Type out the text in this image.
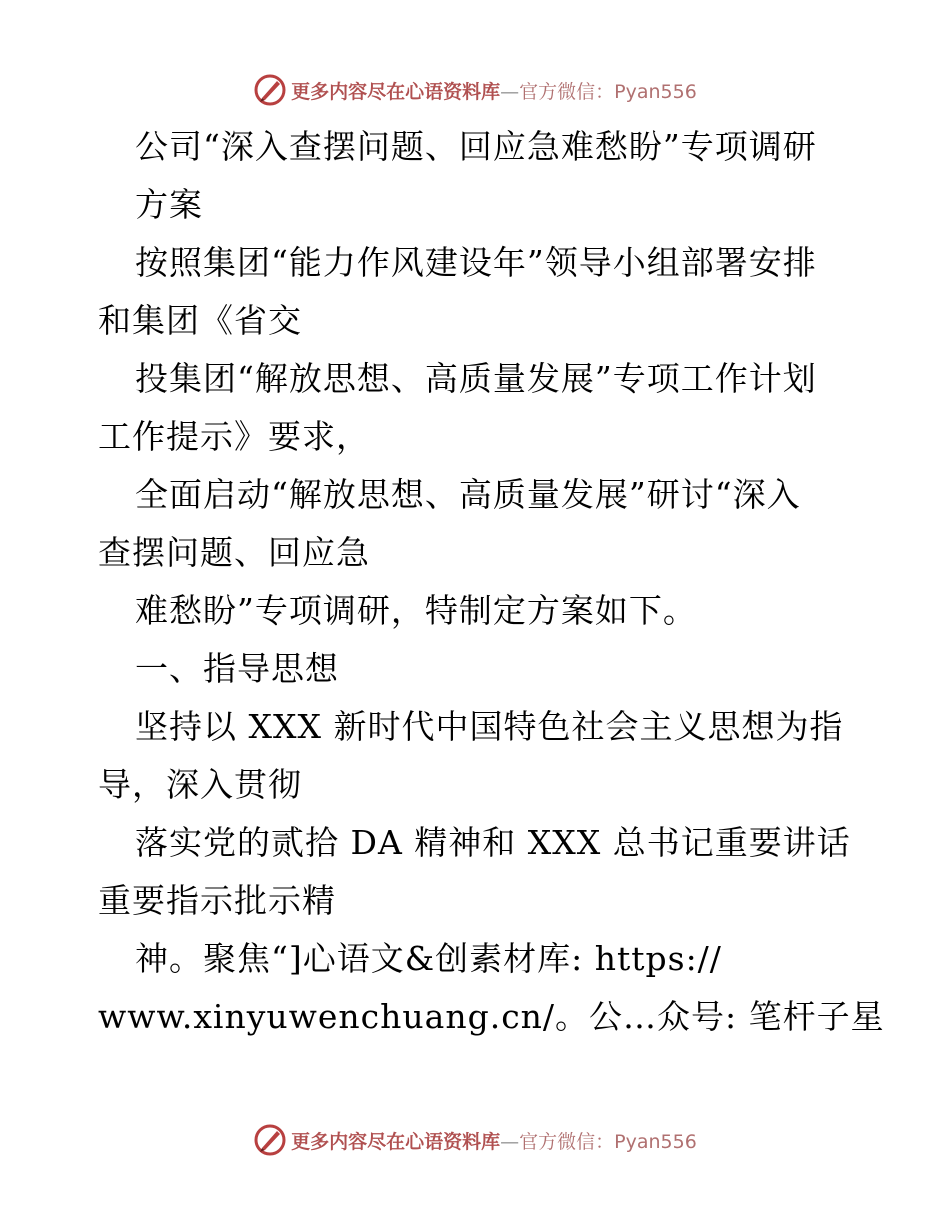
更多内容尽在心语资料库—官方微信：Pyan556
公司“深入查摆问题、回应急难愁盼”专项调研
方案
按照集团“能力作风建设年”领导小组部署安排
和集团《省交
投集团“解放思想、高质量发展”专项工作计划
工作提示》要求，
全面启动“解放思想、高质量发展”研讨“深入
查摆问题、回应急
难愁盼”专项调研，特制定方案如下。
一、指导思想
坚持以 XXX 新时代中国特色社会主义思想为指
导，深入贯彻
落实党的贰拾 DA 精神和 XXX 总书记重要讲话
重要指示批示精
神。聚焦“]心语文&创素材库: https://
www.xinyuwenchuang.cn/。公…众号: 笔杆子星
更多内容尽在心语资料库—官方微信：Pyan556
